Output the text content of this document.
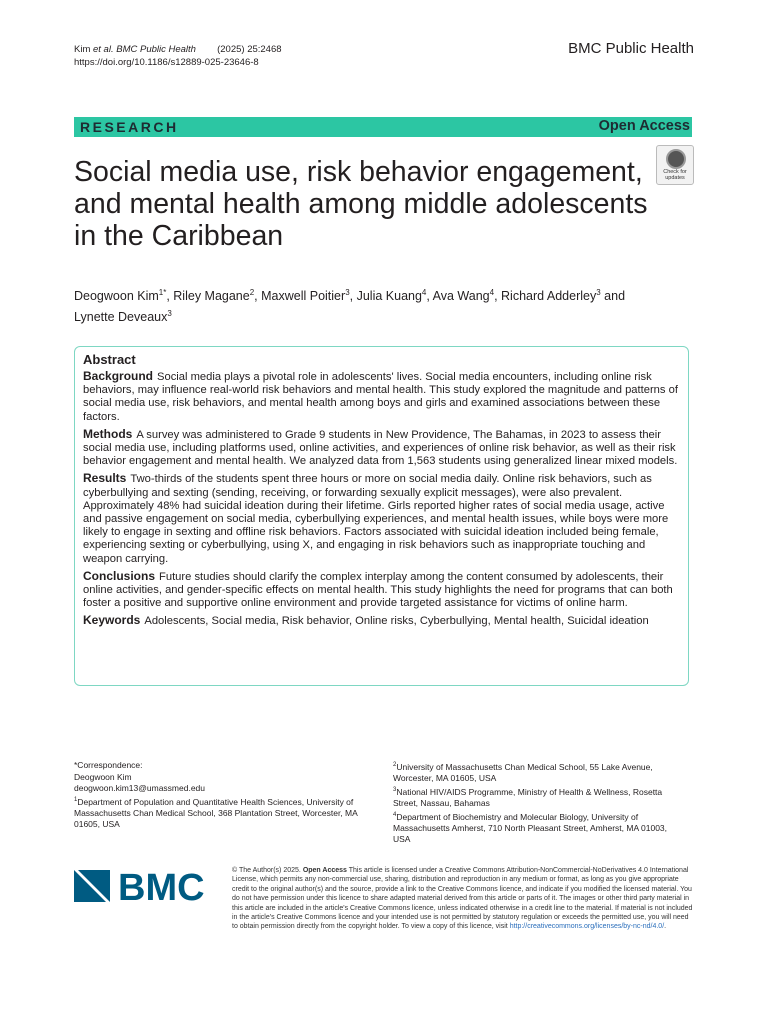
Kim et al. BMC Public Health (2025) 25:2468
https://doi.org/10.1186/s12889-025-23646-8
BMC Public Health
RESEARCH	Open Access
Social media use, risk behavior engagement, and mental health among middle adolescents in the Caribbean
Check for updates
Deogwoon Kim$^{1*}$, Riley Magane$^2$, Maxwell Poitier$^3$, Julia Kuang$^4$, Ava Wang$^4$, Richard Adderley$^3$ and
Lynette Deveaux$^3$
Abstract
Background Social media plays a pivotal role in adolescents' lives. Social media encounters, including online risk behaviors, may influence real-world risk behaviors and mental health. This study explored the magnitude and patterns of social media use, risk behaviors, and mental health among boys and girls and examined associations between these factors.
Methods A survey was administered to Grade 9 students in New Providence, The Bahamas, in 2023 to assess their social media use, including platforms used, online activities, and experiences of online risk behavior, as well as their risk behavior engagement and mental health. We analyzed data from 1,563 students using generalized linear mixed models.
Results Two-thirds of the students spent three hours or more on social media daily. Online risk behaviors, such as cyberbullying and sexting (sending, receiving, or forwarding sexually explicit messages), were also prevalent. Approximately 48% had suicidal ideation during their lifetime. Girls reported higher rates of social media usage, active and passive engagement on social media, cyberbullying experiences, and mental health issues, while boys were more likely to engage in sexting and offline risk behaviors. Factors associated with suicidal ideation included being female, experiencing sexting or cyberbullying, using X, and engaging in risk behaviors such as inappropriate touching and weapon carrying.
Conclusions Future studies should clarify the complex interplay among the content consumed by adolescents, their online activities, and gender-specific effects on mental health. This study highlights the need for programs that can both foster a positive and supportive online environment and provide targeted assistance for victims of online harm.
Keywords Adolescents, Social media, Risk behavior, Online risks, Cyberbullying, Mental health, Suicidal ideation
*Correspondence:
Deogwoon Kim
deogwoon.kim13@umassmed.edu
$^1$Department of Population and Quantitative Health Sciences, University of Massachusetts Chan Medical School, 368 Plantation Street, Worcester, MA 01605, USA
$^2$University of Massachusetts Chan Medical School, 55 Lake Avenue, Worcester, MA 01605, USA
$^3$National HIV/AIDS Programme, Ministry of Health & Wellness, Rosetta Street, Nassau, Bahamas
$^4$Department of Biochemistry and Molecular Biology, University of Massachusetts Amherst, 710 North Pleasant Street, Amherst, MA 01003, USA
BMC	© The Author(s) 2025. Open Access This article is licensed under a Creative Commons Attribution-NonCommercial-NoDerivatives 4.0 International License, which permits any non-commercial use, sharing, distribution and reproduction in any medium or format, as long as you give appropriate credit to the original author(s) and the source, provide a link to the Creative Commons licence, and indicate if you modified the licensed material. You do not have permission under this licence to share adapted material derived from this article or parts of it. The images or other third party material in this article are included in the article's Creative Commons licence, unless indicated otherwise in a credit line to the material. If material is not included in the article's Creative Commons licence and your intended use is not permitted by statutory regulation or exceeds the permitted use, you will need to obtain permission directly from the copyright holder. To view a copy of this licence, visit http://creativecommons.org/licenses/by-nc-nd/4.0/.
